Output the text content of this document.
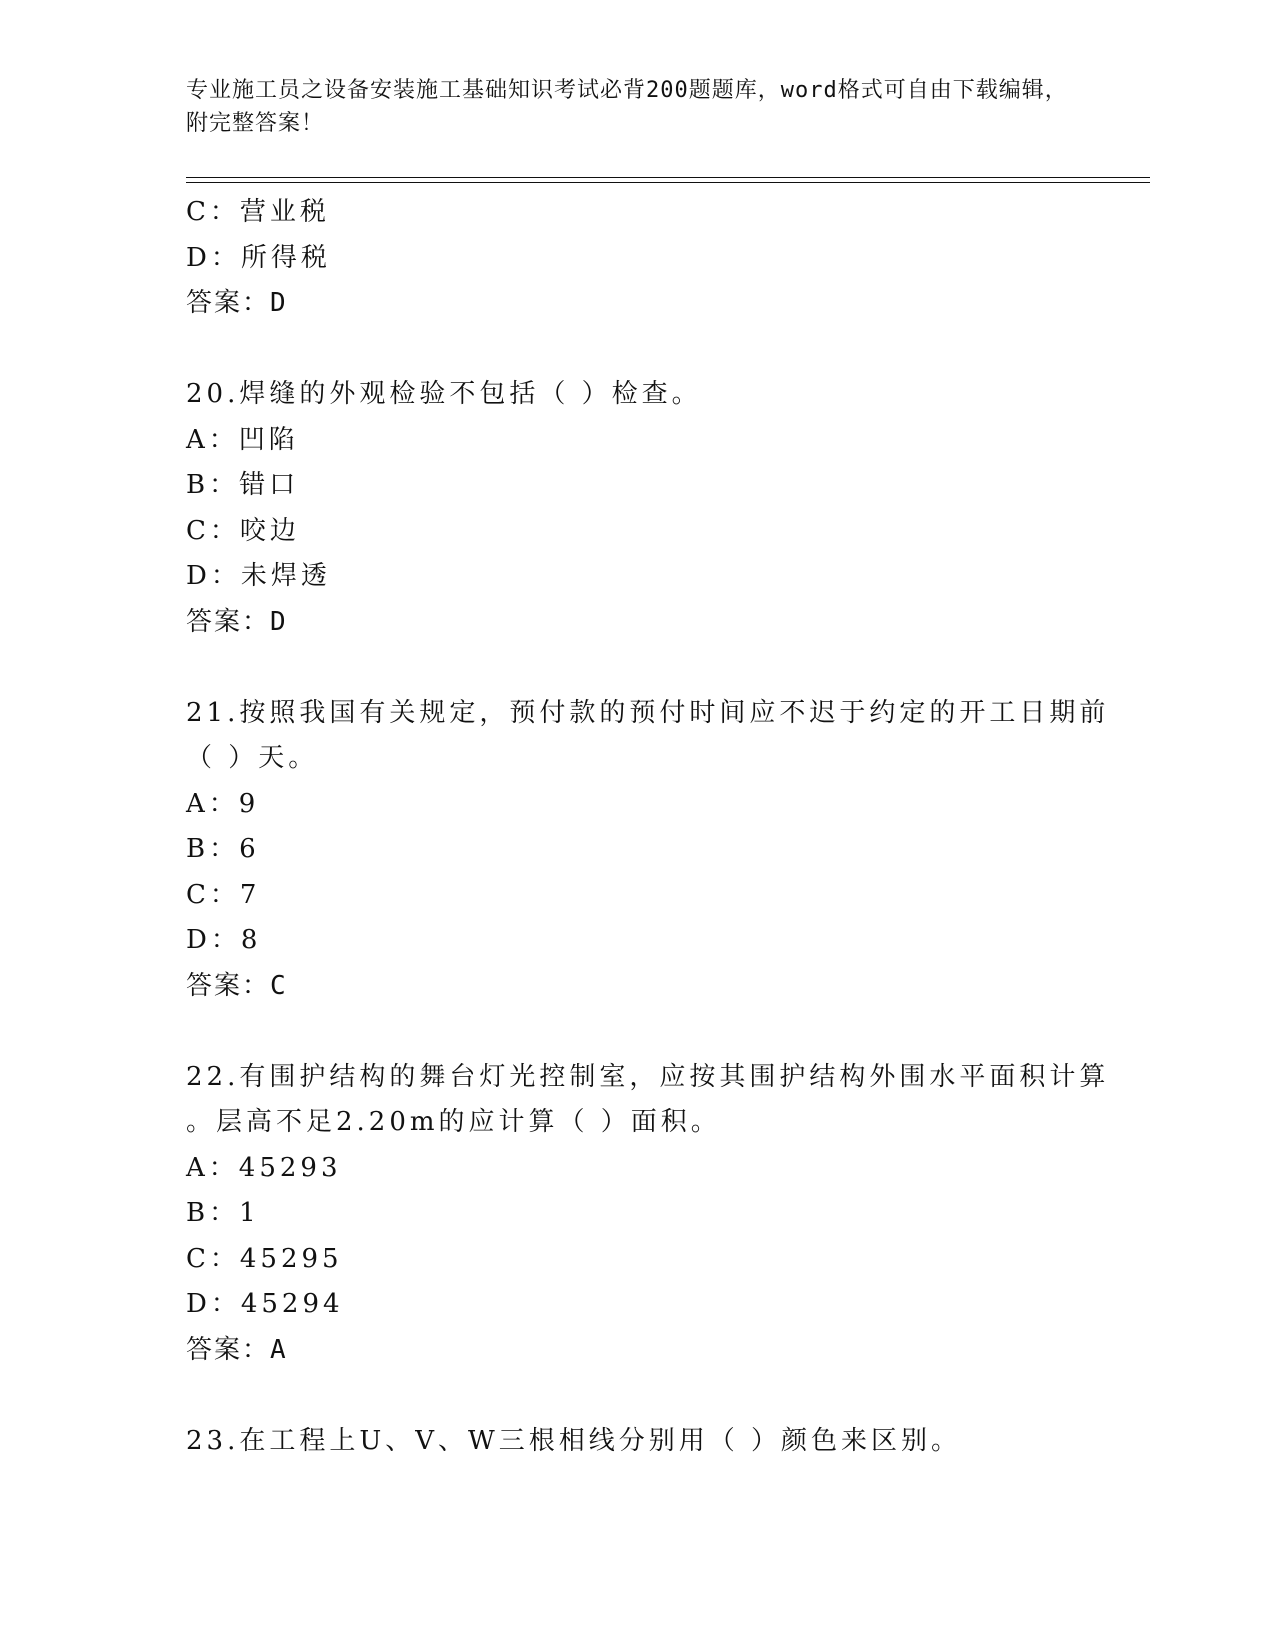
专业施工员之设备安装施工基础知识考试必背200题题库，word格式可自由下载编辑，附完整答案！
C：营业税
D：所得税
答案：D
20.焊缝的外观检验不包括（ ）检查。
A：凹陷
B：错口
C：咬边
D：未焊透
答案：D
21.按照我国有关规定，预付款的预付时间应不迟于约定的开工日期前
（ ）天。
A：9
B：6
C：7
D：8
答案：C
22.有围护结构的舞台灯光控制室，应按其围护结构外围水平面积计算
。层高不足2.20m的应计算（ ）面积。
A：45293
B：1
C：45295
D：45294
答案：A
23.在工程上U、V、W三根相线分别用（ ）颜色来区别。
